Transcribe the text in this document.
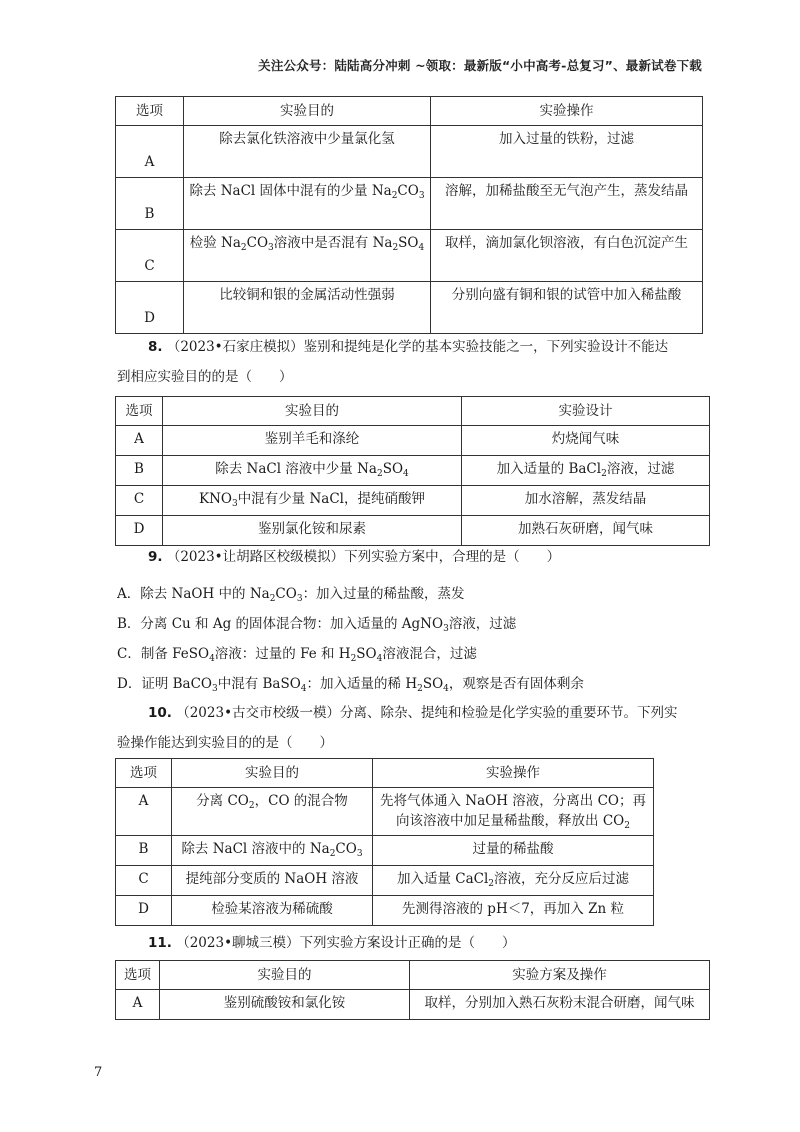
关注公众号：陆陆高分冲刺 ~领取：最新版“小中高考-总复习”、最新试卷下载
选项	实验目的	实验操作
A	除去氯化铁溶液中少量氯化氢	加入过量的铁粉，过滤
B	除去 NaCl 固体中混有的少量 $Na_2CO_3$	溶解，加稀盐酸至无气泡产生，蒸发结晶
C	检验 $Na_2CO_3$溶液中是否混有 $Na_2SO_4$	取样，滴加氯化钡溶液，有白色沉淀产生
D	比较铜和银的金属活动性强弱	分别向盛有铜和银的试管中加入稀盐酸
8. （2023•石家庄模拟）鉴别和提纯是化学的基本实验技能之一，下列实验设计不能达
到相应实验目的的是（　　）
选项	实验目的	实验设计
A	鉴别羊毛和涤纶	灼烧闻气味
B	除去 NaCl 溶液中少量 $Na_2SO_4$	加入适量的 BaCl$_2$溶液，过滤
C	$KNO_3$中混有少量 NaCl，提纯硝酸钾	加水溶解，蒸发结晶
D	鉴别氯化铵和尿素	加熟石灰研磨，闻气味
9. （2023•让胡路区校级模拟）下列实验方案中，合理的是（　　）
A．除去 NaOH 中的 $Na_2CO_3$：加入过量的稀盐酸，蒸发
B．分离 Cu 和 Ag 的固体混合物：加入适量的 AgNO$_3$溶液，过滤
C．制备 FeSO$_4$溶液：过量的 Fe 和 $H_2SO_4$溶液混合，过滤
D．证明 BaCO$_3$中混有 BaSO$_4$：加入适量的稀 $H_2SO_4$，观察是否有固体剩余
10. （2023•古交市校级一模）分离、除杂、提纯和检验是化学实验的重要环节。下列实
验操作能达到实验目的的是（　　）
选项	实验目的	实验操作
A	分离 $CO_2$，CO 的混合物	先将气体通入 NaOH 溶液，分离出 CO；再
向该溶液中加足量稀盐酸，释放出 $CO_2$
B	除去 NaCl 溶液中的 $Na_2CO_3$	过量的稀盐酸
C	提纯部分变质的 NaOH 溶液	加入适量 CaCl$_2$溶液，充分反应后过滤
D	检验某溶液为稀硫酸	先测得溶液的 pH＜7，再加入 Zn 粒
11. （2023•聊城三模）下列实验方案设计正确的是（　　）
选项	实验目的	实验方案及操作
A	鉴别硫酸铵和氯化铵	取样，分别加入熟石灰粉末混合研磨，闻气味
7
